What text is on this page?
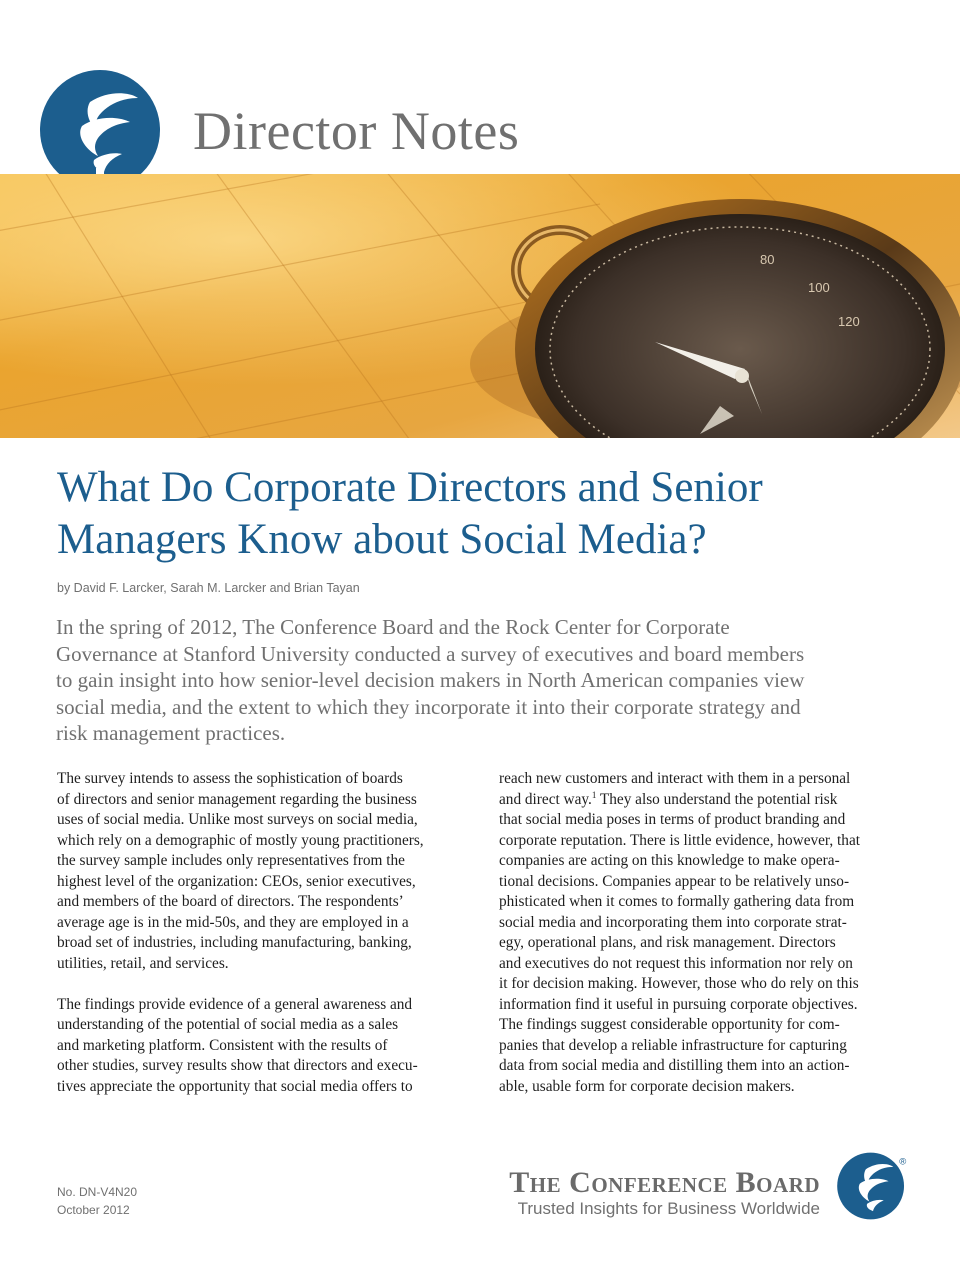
Director Notes
80
100
120
What Do Corporate Directors and Senior
Managers Know about Social Media?
by David F. Larcker, Sarah M. Larcker and Brian Tayan

In the spring of 2012, The Conference Board and the Rock Center for Corporate
Governance at Stanford University conducted a survey of executives and board members
to gain insight into how senior-level decision makers in North American companies view
social media, and the extent to which they incorporate it into their corporate strategy and
risk management practices.

The survey intends to assess the sophistication of boards
of directors and senior management regarding the business
uses of social media. Unlike most surveys on social media,
which rely on a demographic of mostly young practitioners,
the survey sample includes only representatives from the
highest level of the organization: CEOs, senior executives,
and members of the board of directors. The respondents’
average age is in the mid-50s, and they are employed in a
broad set of industries, including manufacturing, banking,
utilities, retail, and services.

The findings provide evidence of a general awareness and
understanding of the potential of social media as a sales
and marketing platform. Consistent with the results of
other studies, survey results show that directors and execu-
tives appreciate the opportunity that social media offers to

reach new customers and interact with them in a personal
and direct way.$^1$ They also understand the potential risk
that social media poses in terms of product branding and
corporate reputation. There is little evidence, however, that
companies are acting on this knowledge to make opera-
tional decisions. Companies appear to be relatively unso-
phisticated when it comes to formally gathering data from
social media and incorporating them into corporate strat-
egy, operational plans, and risk management. Directors
and executives do not request this information nor rely on
it for decision making. However, those who do rely on this
information find it useful in pursuing corporate objectives.
The findings suggest considerable opportunity for com-
panies that develop a reliable infrastructure for capturing
data from social media and distilling them into an action-
able, usable form for corporate decision makers.

No. DN-V4N20
October 2012
The Conference Board
Trusted Insights for Business Worldwide
®
